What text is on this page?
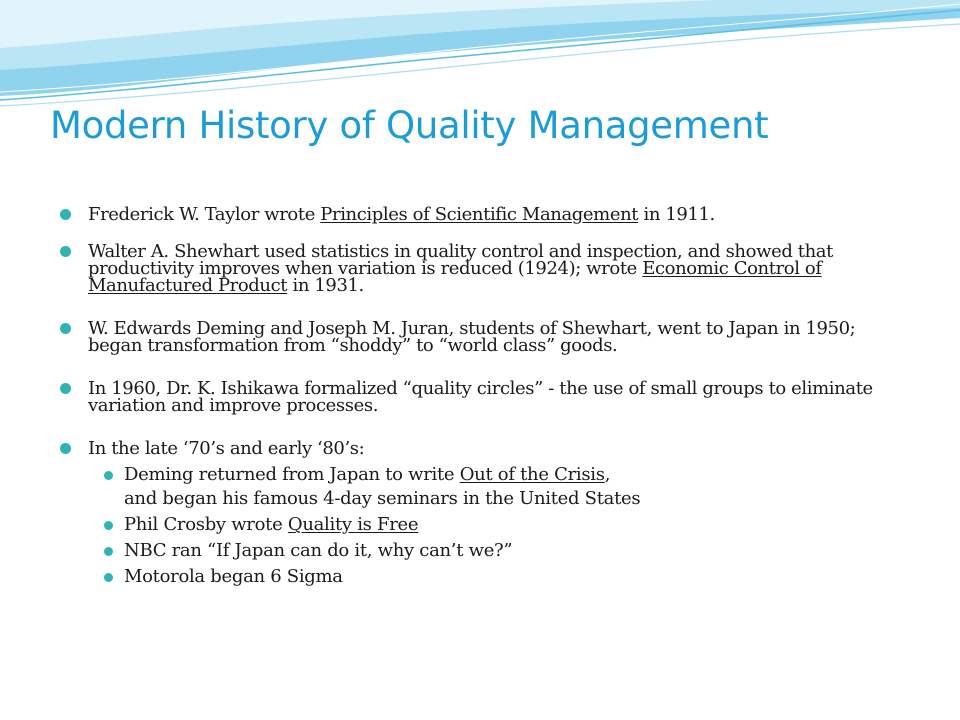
Modern History of Quality Management
Frederick W. Taylor wrote Principles of Scientific Management in 1911.
Walter A. Shewhart used statistics in quality control and inspection, and showed that productivity improves when variation is reduced (1924); wrote Economic Control of Manufactured Product in 1931.
W. Edwards Deming and Joseph M. Juran, students of Shewhart, went to Japan in 1950; began transformation from “shoddy” to “world class” goods.
In 1960, Dr. K. Ishikawa formalized “quality circles” - the use of small groups to eliminate variation and improve processes.
In the late ‘70’s and early ‘80’s:
Deming returned from Japan to write Out of the Crisis,
and began his famous 4-day seminars in the United States
Phil Crosby wrote Quality is Free
NBC ran “If Japan can do it, why can’t we?”
Motorola began 6 Sigma
